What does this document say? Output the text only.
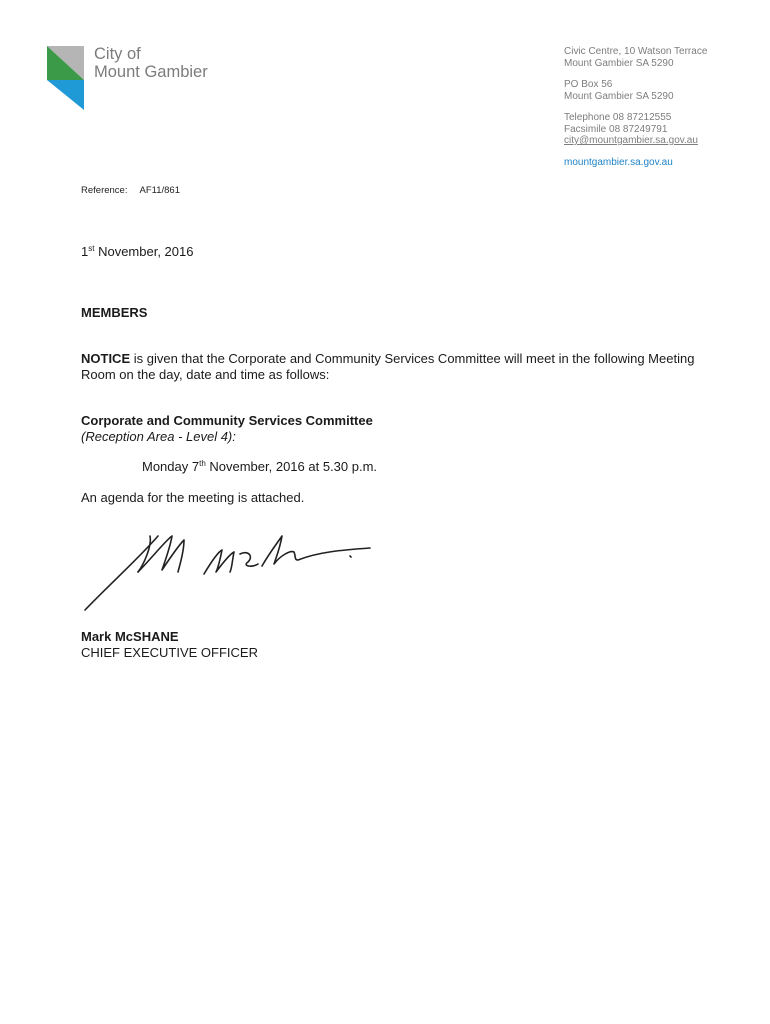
City of
Mount Gambier
Civic Centre, 10 Watson Terrace
Mount Gambier SA 5290
PO Box 56
Mount Gambier SA 5290
Telephone 08 87212555
Facsimile 08 87249791
city@mountgambier.sa.gov.au
mountgambier.sa.gov.au
Reference: AF11/861
1st November, 2016
MEMBERS
NOTICE is given that the Corporate and Community Services Committee will meet in the following Meeting Room on the day, date and time as follows:
Corporate and Community Services Committee
(Reception Area - Level 4):
Monday 7th November, 2016 at 5.30 p.m.
An agenda for the meeting is attached.
Mark McSHANE
CHIEF EXECUTIVE OFFICER
